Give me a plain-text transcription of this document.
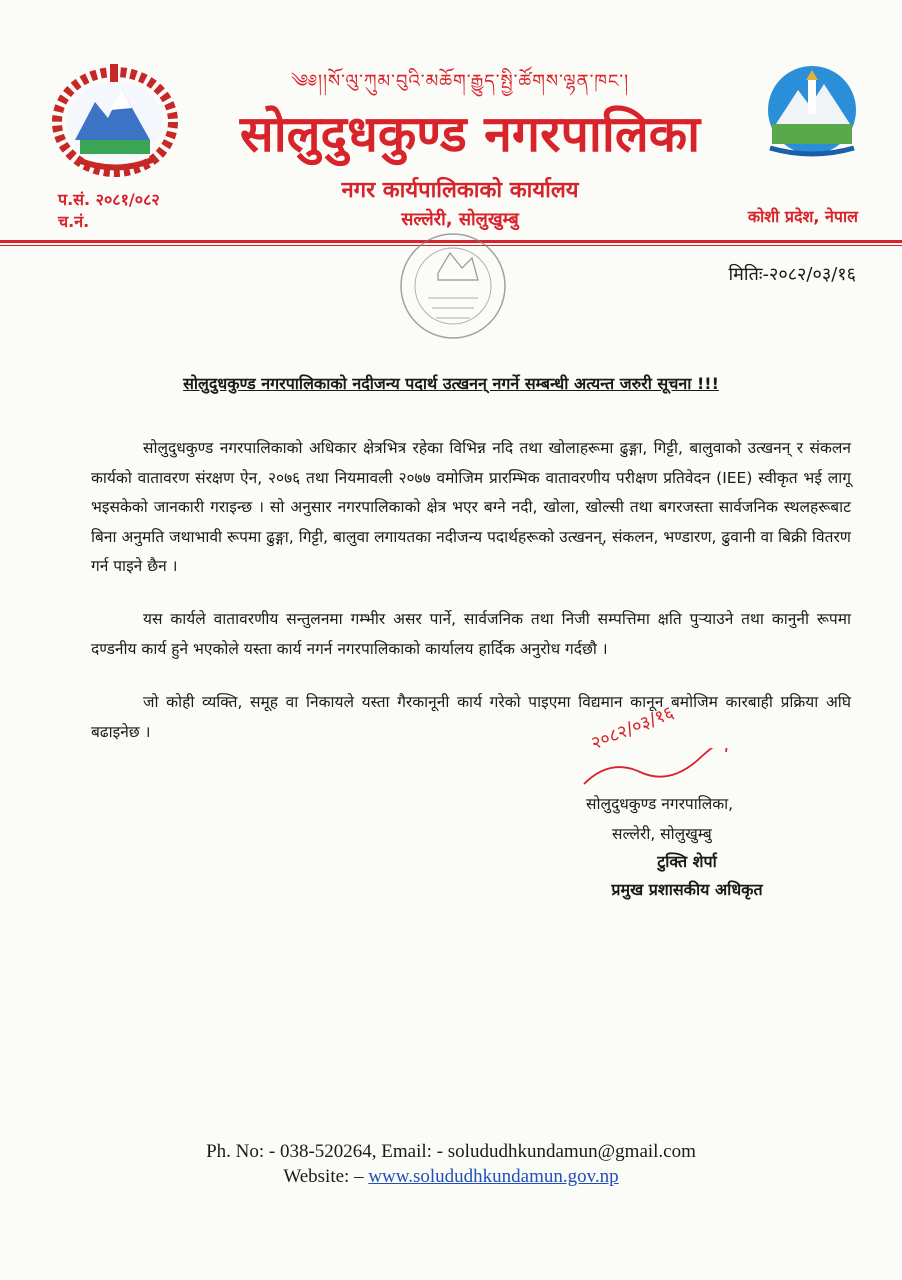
༄༅།།སོ་ལུ་ཀུམ་བུའི་མཆོག་རྒྱུད་སྤྱི་ཚོགས་ལྷན་ཁང་།
सोलुदुधकुण्ड नगरपालिका
नगर कार्यपालिकाको कार्यालय
सल्लेरी, सोलुखुम्बु
प.सं. २०८१/०८२
च.नं.	कोशी प्रदेश, नेपाल
मितिः-२०८२/०३/१६
सोलुदुधकुण्ड नगरपालिकाको नदीजन्य पदार्थ उत्खनन् नगर्ने सम्बन्धी अत्यन्त जरुरी सूचना !!!

सोलुदुधकुण्ड नगरपालिकाको अधिकार क्षेत्रभित्र रहेका विभिन्न नदि तथा खोलाहरूमा ढुङ्गा, गिट्टी, बालुवाको उत्खनन् र संकलन कार्यको वातावरण संरक्षण ऐन, २०७६ तथा नियमावली २०७७ वमोजिम प्रारम्भिक वातावरणीय परीक्षण प्रतिवेदन (IEE) स्वीकृत भई लागू भइसकेको जानकारी गराइन्छ । सो अनुसार नगरपालिकाको क्षेत्र भएर बग्ने नदी, खोला, खोल्सी तथा बगरजस्ता सार्वजनिक स्थलहरूबाट बिना अनुमति जथाभावी रूपमा ढुङ्गा, गिट्टी, बालुवा लगायतका नदीजन्य पदार्थहरूको उत्खनन्, संकलन, भण्डारण, ढुवानी वा बिक्री वितरण गर्न पाइने छैन ।

यस कार्यले वातावरणीय सन्तुलनमा गम्भीर असर पार्ने, सार्वजनिक तथा निजी सम्पत्तिमा क्षति पुऱ्याउने तथा कानुनी रूपमा दण्डनीय कार्य हुने भएकोले यस्ता कार्य नगर्न नगरपालिकाको कार्यालय हार्दिक अनुरोध गर्दछौ ।

जो कोही व्यक्ति, समूह वा निकायले यस्ता गैरकानूनी कार्य गरेको पाइएमा विद्यमान कानून बमोजिम कारबाही प्रक्रिया अघि बढाइनेछ ।	२०८२/०३/१६
सोलुदुधकुण्ड नगरपालिका,
सल्लेरी, सोलुखुम्बु
टुक्ति शेर्पा
प्रमुख प्रशासकीय अधिकृत
Ph. No: - 038-520264, Email: - solududhkundamun@gmail.com
Website: – www.solududhkundamun.gov.np
